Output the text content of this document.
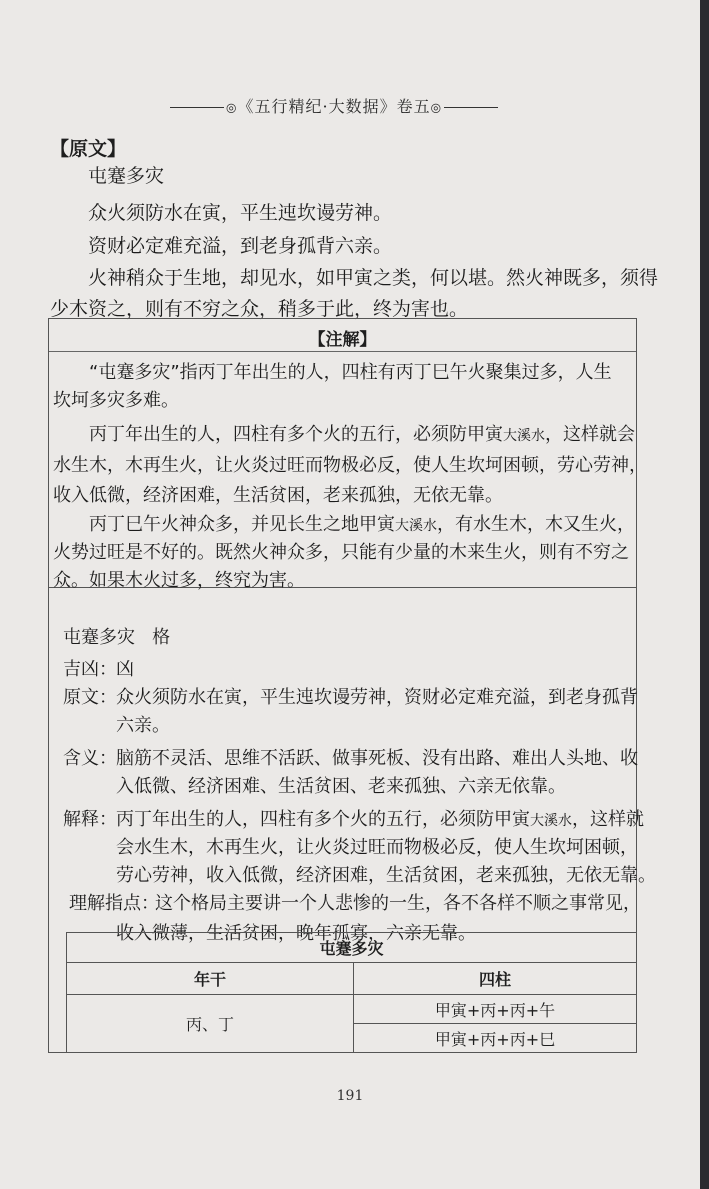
◎《五行精纪·大数据》卷五◎
【原文】
屯蹇多灾
众火须防水在寅，平生迍坎谩劳神。
资财必定难充溢，到老身孤背六亲。
火神稍众于生地，却见水，如甲寅之类，何以堪。然火神既多，须得
少木资之，则有不穷之众，稍多于此，终为害也。
【注解】
“屯蹇多灾”指丙丁年出生的人，四柱有丙丁巳午火聚集过多，人生
坎坷多灾多难。
丙丁年出生的人，四柱有多个火的五行，必须防甲寅大溪水，这样就会
水生木，木再生火，让火炎过旺而物极必反，使人生坎坷困顿，劳心劳神，
收入低微，经济困难，生活贫困，老来孤独，无依无靠。
丙丁巳午火神众多，并见长生之地甲寅大溪水，有水生木，木又生火，
火势过旺是不好的。既然火神众多，只能有少量的木来生火，则有不穷之
众。如果木火过多，终究为害。
屯蹇多灾 格
吉凶： 凶
原文： 众火须防水在寅，平生迍坎谩劳神，资财必定难充溢，到老身孤背
六亲。
含义： 脑筋不灵活、思维不活跃、做事死板、没有出路、难出人头地、收
入低微、经济困难、生活贫困、老来孤独、六亲无依靠。
解释： 丙丁年出生的人，四柱有多个火的五行，必须防甲寅大溪水，这样就
会水生木，木再生火，让火炎过旺而物极必反，使人生坎坷困顿，
劳心劳神，收入低微，经济困难，生活贫困，老来孤独，无依无靠。
理解指点：
这个格局主要讲一个人悲惨的一生，各不各样不顺之事常见，
收入微薄，生活贫困，晚年孤寡，六亲无靠。
屯蹇多灾	
年干	四柱
丙、丁	甲寅+丙+丙+午
	甲寅+丙+丙+巳
191
